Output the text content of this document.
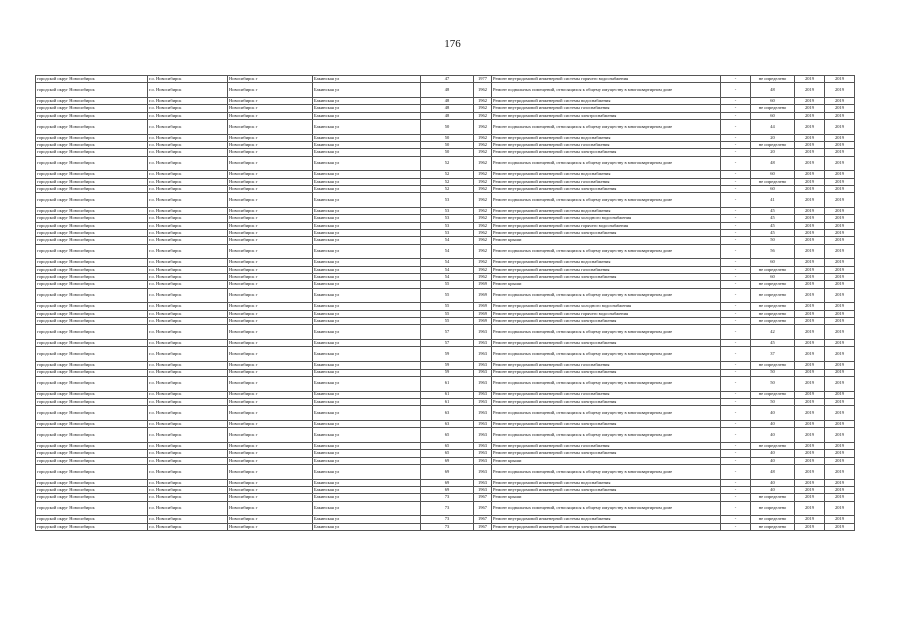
176
городской округ Новосибирск	г.о. Новосибирск	Новосибирск г	Бакинская ул	47	1977	Ремонт внутридомовой инженерной системы горячего водоснабжения	-	не определено	2019	2019
городской округ Новосибирск	г.о. Новосибирск	Новосибирск г	Бакинская ул	48	1962	Ремонт подвальных помещений, относящихся к общему имуществу в многоквартирном доме	-	48	2019	2019
городской округ Новосибирск	г.о. Новосибирск	Новосибирск г	Бакинская ул	48	1962	Ремонт внутридомовой инженерной системы водоснабжения	-	60	2019	2019
городской округ Новосибирск	г.о. Новосибирск	Новосибирск г	Бакинская ул	48	1962	Ремонт внутридомовой инженерной системы газоснабжения	-	не определено	2019	2019
городской округ Новосибирск	г.о. Новосибирск	Новосибирск г	Бакинская ул	48	1962	Ремонт внутридомовой инженерной системы электроснабжения	-	60	2019	2019
городской округ Новосибирск	г.о. Новосибирск	Новосибирск г	Бакинская ул	50	1962	Ремонт подвальных помещений, относящихся к общему имуществу в многоквартирном доме	-	44	2019	2019
городской округ Новосибирск	г.о. Новосибирск	Новосибирск г	Бакинская ул	50	1962	Ремонт внутридомовой инженерной системы водоснабжения	-	20	2019	2019
городской округ Новосибирск	г.о. Новосибирск	Новосибирск г	Бакинская ул	50	1962	Ремонт внутридомовой инженерной системы газоснабжения	-	не определено	2019	2019
городской округ Новосибирск	г.о. Новосибирск	Новосибирск г	Бакинская ул	50	1962	Ремонт внутридомовой инженерной системы электроснабжения	-	20	2019	2019
городской округ Новосибирск	г.о. Новосибирск	Новосибирск г	Бакинская ул	52	1962	Ремонт подвальных помещений, относящихся к общему имуществу в многоквартирном доме	-	48	2019	2019
городской округ Новосибирск	г.о. Новосибирск	Новосибирск г	Бакинская ул	52	1962	Ремонт внутридомовой инженерной системы водоснабжения	-	60	2019	2019
городской округ Новосибирск	г.о. Новосибирск	Новосибирск г	Бакинская ул	52	1962	Ремонт внутридомовой инженерной системы газоснабжения	-	не определено	2019	2019
городской округ Новосибирск	г.о. Новосибирск	Новосибирск г	Бакинская ул	52	1962	Ремонт внутридомовой инженерной системы электроснабжения	-	60	2019	2019
городской округ Новосибирск	г.о. Новосибирск	Новосибирск г	Бакинская ул	53	1962	Ремонт подвальных помещений, относящихся к общему имуществу в многоквартирном доме	-	41	2019	2019
городской округ Новосибирск	г.о. Новосибирск	Новосибирск г	Бакинская ул	53	1962	Ремонт внутридомовой инженерной системы водоснабжения	-	45	2019	2019
городской округ Новосибирск	г.о. Новосибирск	Новосибирск г	Бакинская ул	53	1962	Ремонт внутридомовой инженерной системы холодного водоснабжения	-	45	2019	2019
городской округ Новосибирск	г.о. Новосибирск	Новосибирск г	Бакинская ул	53	1962	Ремонт внутридомовой инженерной системы горячего водоснабжения	-	45	2019	2019
городской округ Новосибирск	г.о. Новосибирск	Новосибирск г	Бакинская ул	53	1962	Ремонт внутридомовой инженерной системы электроснабжения	-	45	2019	2019
городской округ Новосибирск	г.о. Новосибирск	Новосибирск г	Бакинская ул	54	1962	Ремонт крыши	-	50	2019	2019
городской округ Новосибирск	г.о. Новосибирск	Новосибирск г	Бакинская ул	54	1962	Ремонт подвальных помещений, относящихся к общему имуществу в многоквартирном доме	-	56	2019	2019
городской округ Новосибирск	г.о. Новосибирск	Новосибирск г	Бакинская ул	54	1962	Ремонт внутридомовой инженерной системы водоснабжения	-	60	2019	2019
городской округ Новосибирск	г.о. Новосибирск	Новосибирск г	Бакинская ул	54	1962	Ремонт внутридомовой инженерной системы газоснабжения	-	не определено	2019	2019
городской округ Новосибирск	г.о. Новосибирск	Новосибирск г	Бакинская ул	54	1962	Ремонт внутридомовой инженерной системы электроснабжения	-	60	2019	2019
городской округ Новосибирск	г.о. Новосибирск	Новосибирск г	Бакинская ул	55	1969	Ремонт крыши	-	не определено	2019	2019
городской округ Новосибирск	г.о. Новосибирск	Новосибирск г	Бакинская ул	55	1969	Ремонт подвальных помещений, относящихся к общему имуществу в многоквартирном доме	-	не определено	2019	2019
городской округ Новосибирск	г.о. Новосибирск	Новосибирск г	Бакинская ул	55	1969	Ремонт внутридомовой инженерной системы холодного водоснабжения	-	не определено	2019	2019
городской округ Новосибирск	г.о. Новосибирск	Новосибирск г	Бакинская ул	55	1969	Ремонт внутридомовой инженерной системы горячего водоснабжения	-	не определено	2019	2019
городской округ Новосибирск	г.о. Новосибирск	Новосибирск г	Бакинская ул	55	1969	Ремонт внутридомовой инженерной системы электроснабжения	-	не определено	2019	2019
городской округ Новосибирск	г.о. Новосибирск	Новосибирск г	Бакинская ул	57	1963	Ремонт подвальных помещений, относящихся к общему имуществу в многоквартирном доме	-	42	2019	2019
городской округ Новосибирск	г.о. Новосибирск	Новосибирск г	Бакинская ул	57	1963	Ремонт внутридомовой инженерной системы электроснабжения	-	45	2019	2019
городской округ Новосибирск	г.о. Новосибирск	Новосибирск г	Бакинская ул	59	1963	Ремонт подвальных помещений, относящихся к общему имуществу в многоквартирном доме	-	37	2019	2019
городской округ Новосибирск	г.о. Новосибирск	Новосибирск г	Бакинская ул	59	1963	Ремонт внутридомовой инженерной системы газоснабжения	-	не определено	2019	2019
городской округ Новосибирск	г.о. Новосибирск	Новосибирск г	Бакинская ул	59	1963	Ремонт внутридомовой инженерной системы электроснабжения	-	50	2019	2019
городской округ Новосибирск	г.о. Новосибирск	Новосибирск г	Бакинская ул	61	1963	Ремонт подвальных помещений, относящихся к общему имуществу в многоквартирном доме	-	50	2019	2019
городской округ Новосибирск	г.о. Новосибирск	Новосибирск г	Бакинская ул	61	1963	Ремонт внутридомовой инженерной системы газоснабжения	-	не определено	2019	2019
городской округ Новосибирск	г.о. Новосибирск	Новосибирск г	Бакинская ул	61	1963	Ремонт внутридомовой инженерной системы электроснабжения	-	50	2019	2019
городской округ Новосибирск	г.о. Новосибирск	Новосибирск г	Бакинская ул	63	1963	Ремонт подвальных помещений, относящихся к общему имуществу в многоквартирном доме	-	40	2019	2019
городской округ Новосибирск	г.о. Новосибирск	Новосибирск г	Бакинская ул	63	1963	Ремонт внутридомовой инженерной системы электроснабжения	-	40	2019	2019
городской округ Новосибирск	г.о. Новосибирск	Новосибирск г	Бакинская ул	65	1963	Ремонт подвальных помещений, относящихся к общему имуществу в многоквартирном доме	-	40	2019	2019
городской округ Новосибирск	г.о. Новосибирск	Новосибирск г	Бакинская ул	65	1963	Ремонт внутридомовой инженерной системы газоснабжения	-	не определено	2019	2019
городской округ Новосибирск	г.о. Новосибирск	Новосибирск г	Бакинская ул	65	1963	Ремонт внутридомовой инженерной системы электроснабжения	-	40	2019	2019
городской округ Новосибирск	г.о. Новосибирск	Новосибирск г	Бакинская ул	69	1963	Ремонт крыши	-	40	2019	2019
городской округ Новосибирск	г.о. Новосибирск	Новосибирск г	Бакинская ул	69	1963	Ремонт подвальных помещений, относящихся к общему имуществу в многоквартирном доме	-	48	2019	2019
городской округ Новосибирск	г.о. Новосибирск	Новосибирск г	Бакинская ул	69	1963	Ремонт внутридомовой инженерной системы водоснабжения	-	40	2019	2019
городской округ Новосибирск	г.о. Новосибирск	Новосибирск г	Бакинская ул	69	1963	Ремонт внутридомовой инженерной системы электроснабжения	-	40	2019	2019
городской округ Новосибирск	г.о. Новосибирск	Новосибирск г	Бакинская ул	73	1967	Ремонт крыши	-	не определено	2019	2019
городской округ Новосибирск	г.о. Новосибирск	Новосибирск г	Бакинская ул	73	1967	Ремонт подвальных помещений, относящихся к общему имуществу в многоквартирном доме	-	не определено	2019	2019
городской округ Новосибирск	г.о. Новосибирск	Новосибирск г	Бакинская ул	73	1967	Ремонт внутридомовой инженерной системы водоснабжения	-	не определено	2019	2019
городской округ Новосибирск	г.о. Новосибирск	Новосибирск г	Бакинская ул	73	1967	Ремонт внутридомовой инженерной системы электроснабжения	-	не определено	2019	2019
